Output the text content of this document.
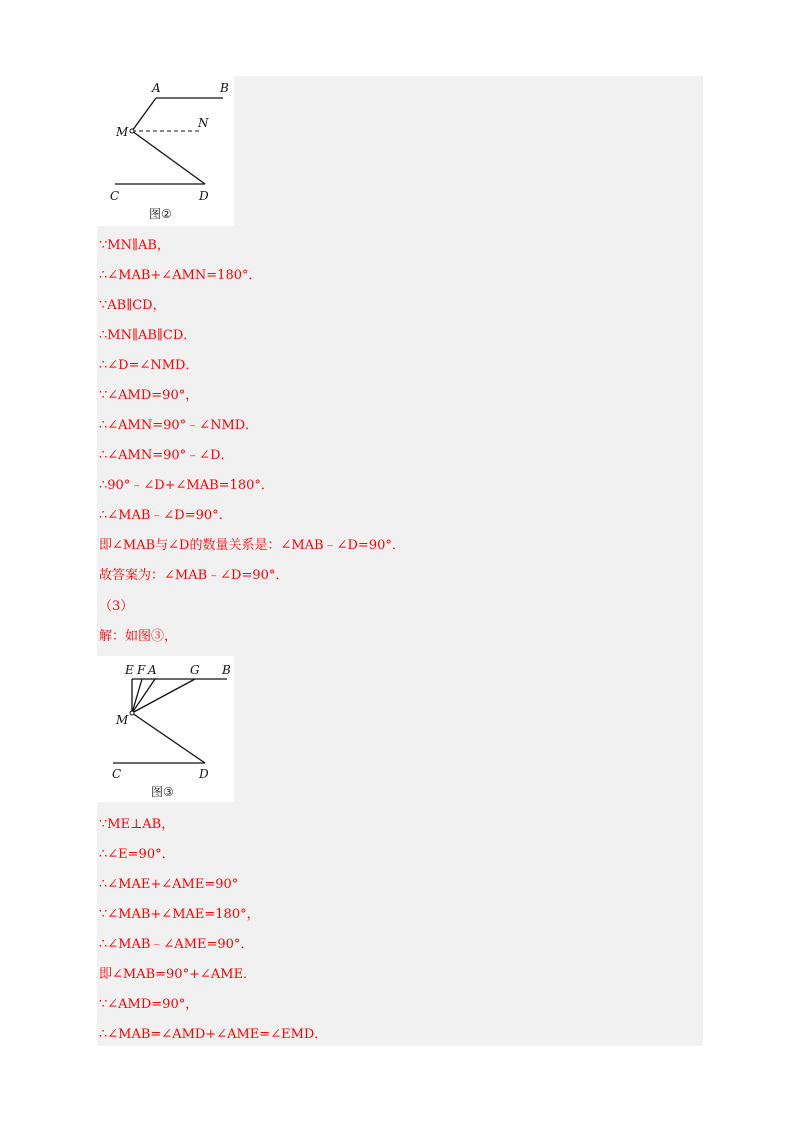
A	B
M
N
C	D
图②
∵MN∥AB，
∴∠MAB+∠AMN=180°．
∵AB∥CD，
∴MN∥AB∥CD．
∴∠D=∠NMD．
∵∠AMD=90°，
∴∠AMN=90°﹣∠NMD．
∴∠AMN=90°﹣∠D．
∴90°﹣∠D+∠MAB=180°．
∴∠MAB﹣∠D=90°．
即∠MAB与∠D的数量关系是：∠MAB﹣∠D=90°．
故答案为：∠MAB﹣∠D=90°．
（3）
解：如图③，
E F A	G B
M
C	D
图③
∵ME⊥AB，
∴∠E=90°．
∴∠MAE+∠AME=90°
∵∠MAB+∠MAE=180°，
∴∠MAB﹣∠AME=90°．
即∠MAB=90°+∠AME．
∵∠AMD=90°，
∴∠MAB=∠AMD+∠AME=∠EMD．
